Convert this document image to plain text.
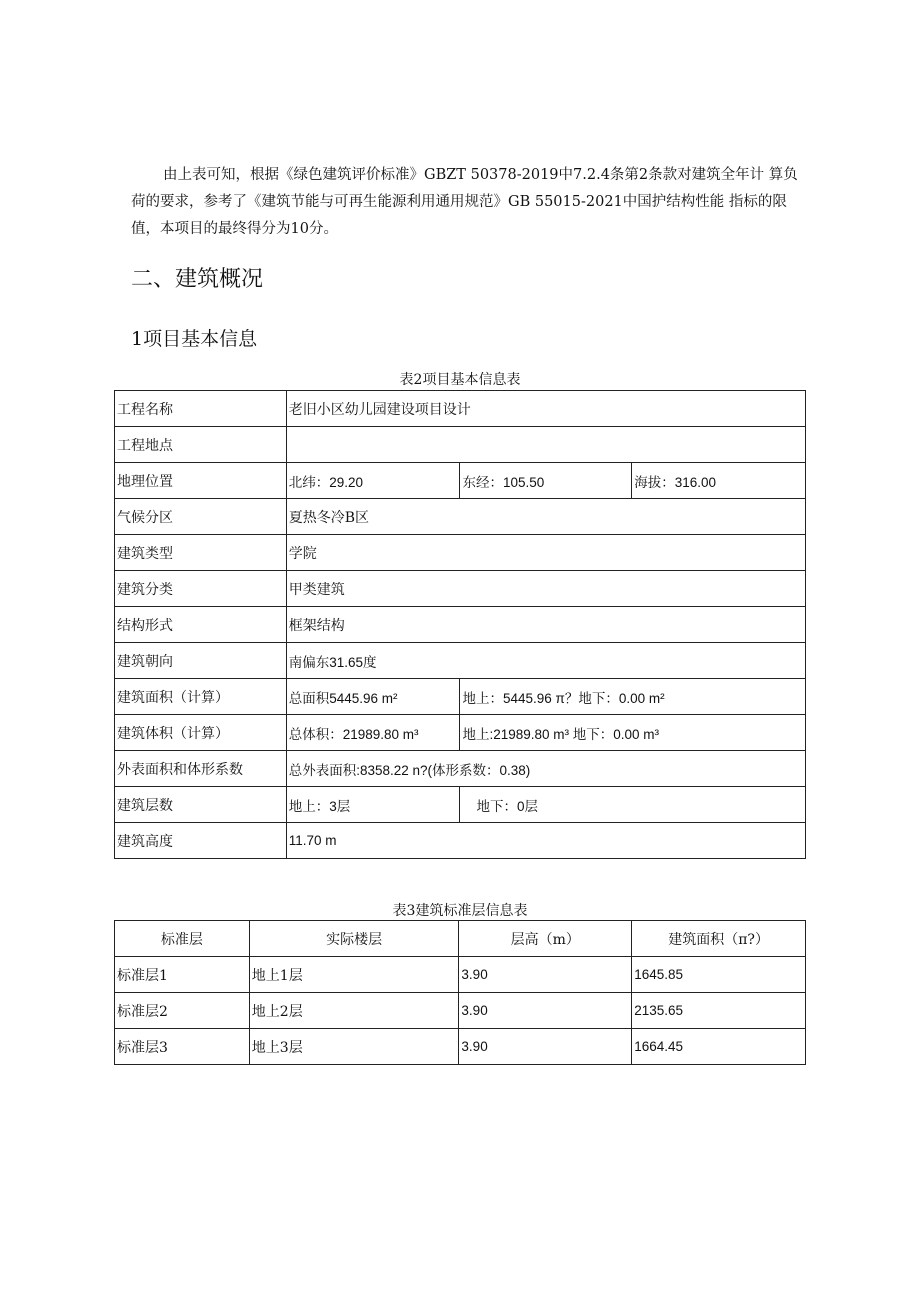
由上表可知，根据《绿色建筑评价标准》GBZT 50378-2019中7.2.4条第2条款对建筑全年计 算负荷的要求，参考了《建筑节能与可再生能源利用通用规范》GB 55015-2021中国护结构性能 指标的限值，本项目的最终得分为10分。

二、建筑概况
1项目基本信息
表2项目基本信息表
工程名称	老旧小区幼儿园建设项目设计		
工程地点			
地理位置	北纬：29.20	东经：105.50	海拔：316.00
气候分区	夏热冬冷B区		
建筑类型	学院		
建筑分类	甲类建筑		
结构形式	框架结构		
建筑朝向	南偏东31.65度		
建筑面积（计算）	总面积5445.96 m²	地上：5445.96 π？地下：0.00 m²	
建筑体积（计算）	总体积：21989.80 m³	地上:21989.80 m³ 地下：0.00 m³	
外表面积和体形系数	总外表面积:8358.22 n?(体形系数：0.38)		
建筑层数	地上：3层	地下：0层	
建筑高度	11.70 m		
表3建筑标准层信息表
标准层	实际楼层	层高（m）	建筑面积（π?）
标准层1	地上1层	3.90	1645.85
标准层2	地上2层	3.90	2135.65
标准层3	地上3层	3.90	1664.45
